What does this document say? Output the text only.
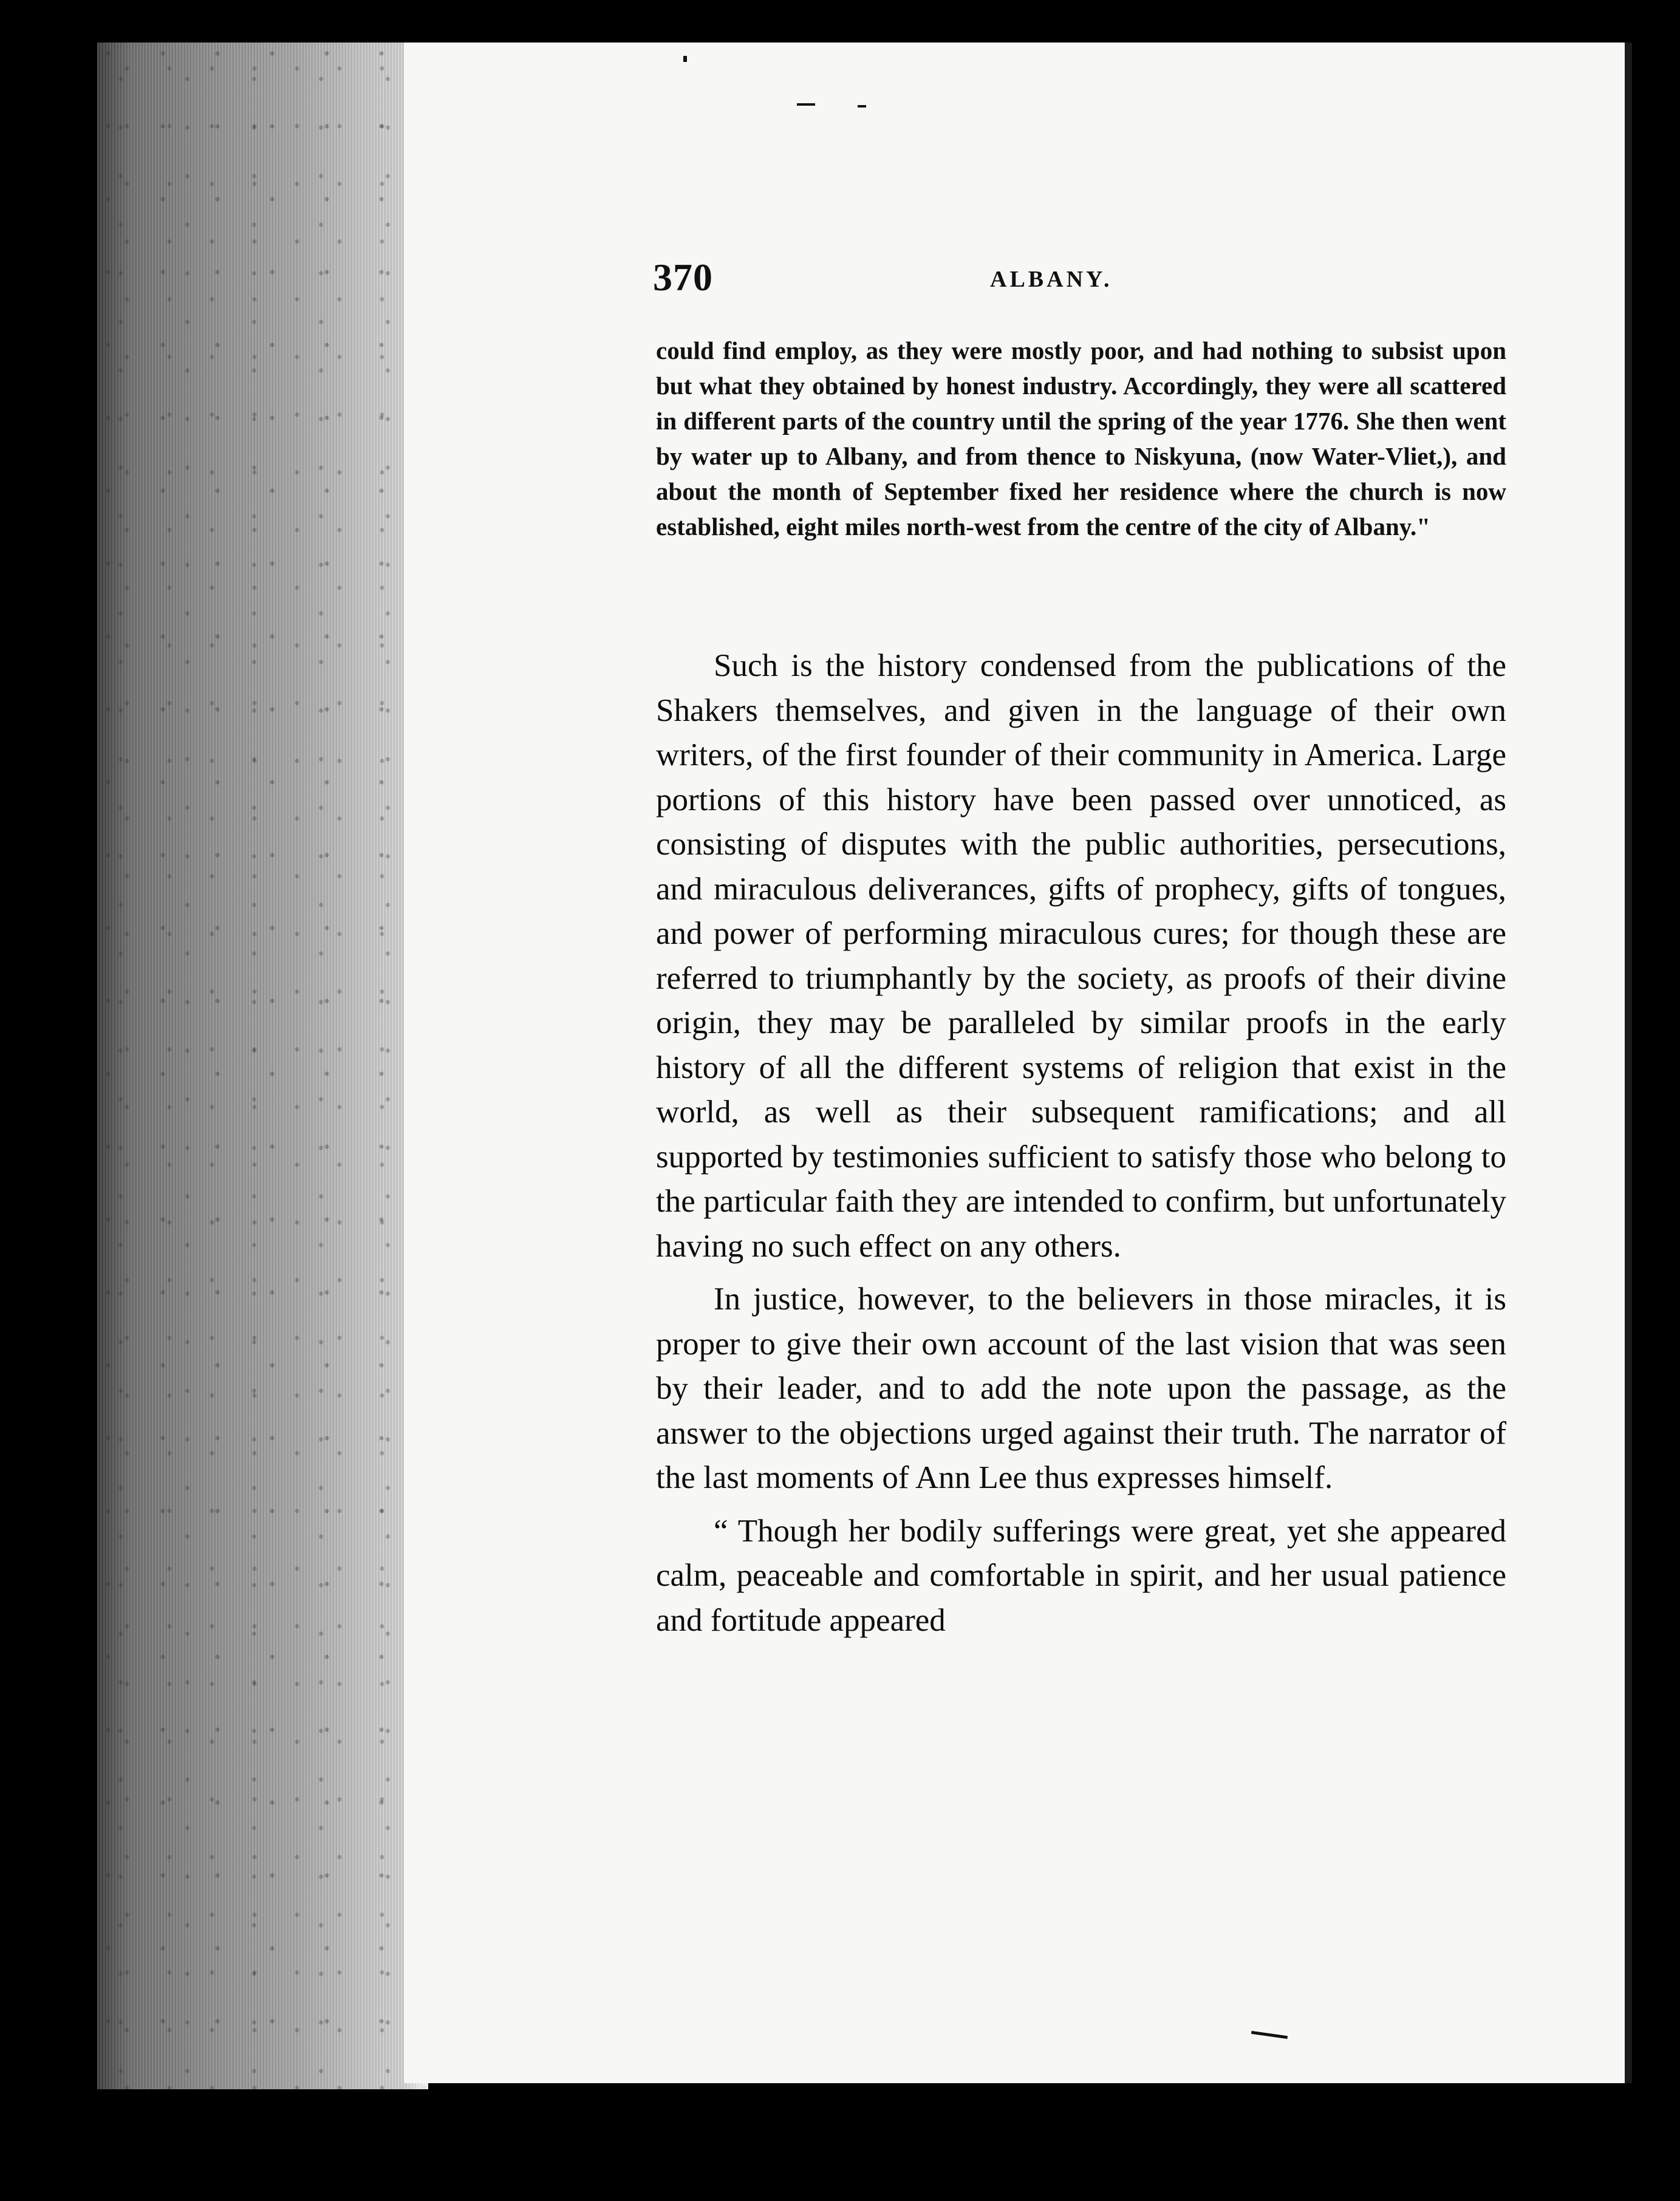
370	ALBANY.
could find employ, as they were mostly poor, and had nothing to subsist upon but what they obtained by honest industry. Accordingly, they were all scattered in different parts of the country until the spring of the year 1776. She then went by water up to Albany, and from thence to Niskyuna, (now Water-Vliet,), and about the month of September fixed her residence where the church is now established, eight miles north-west from the centre of the city of Albany."

Such is the history condensed from the publications of the Shakers themselves, and given in the language of their own writers, of the first founder of their community in America. Large portions of this history have been passed over unnoticed, as consisting of disputes with the public authorities, persecutions, and miraculous deliverances, gifts of prophecy, gifts of tongues, and power of performing miraculous cures; for though these are referred to triumphantly by the society, as proofs of their divine origin, they may be paralleled by similar proofs in the early history of all the different systems of religion that exist in the world, as well as their subsequent ramifications; and all supported by testimonies sufficient to satisfy those who belong to the particular faith they are intended to confirm, but unfortunately having no such effect on any others.

In justice, however, to the believers in those miracles, it is proper to give their own account of the last vision that was seen by their leader, and to add the note upon the passage, as the answer to the objections urged against their truth. The narrator of the last moments of Ann Lee thus expresses himself.

“ Though her bodily sufferings were great, yet she appeared calm, peaceable and comfortable in spirit, and her usual patience and fortitude appeared
